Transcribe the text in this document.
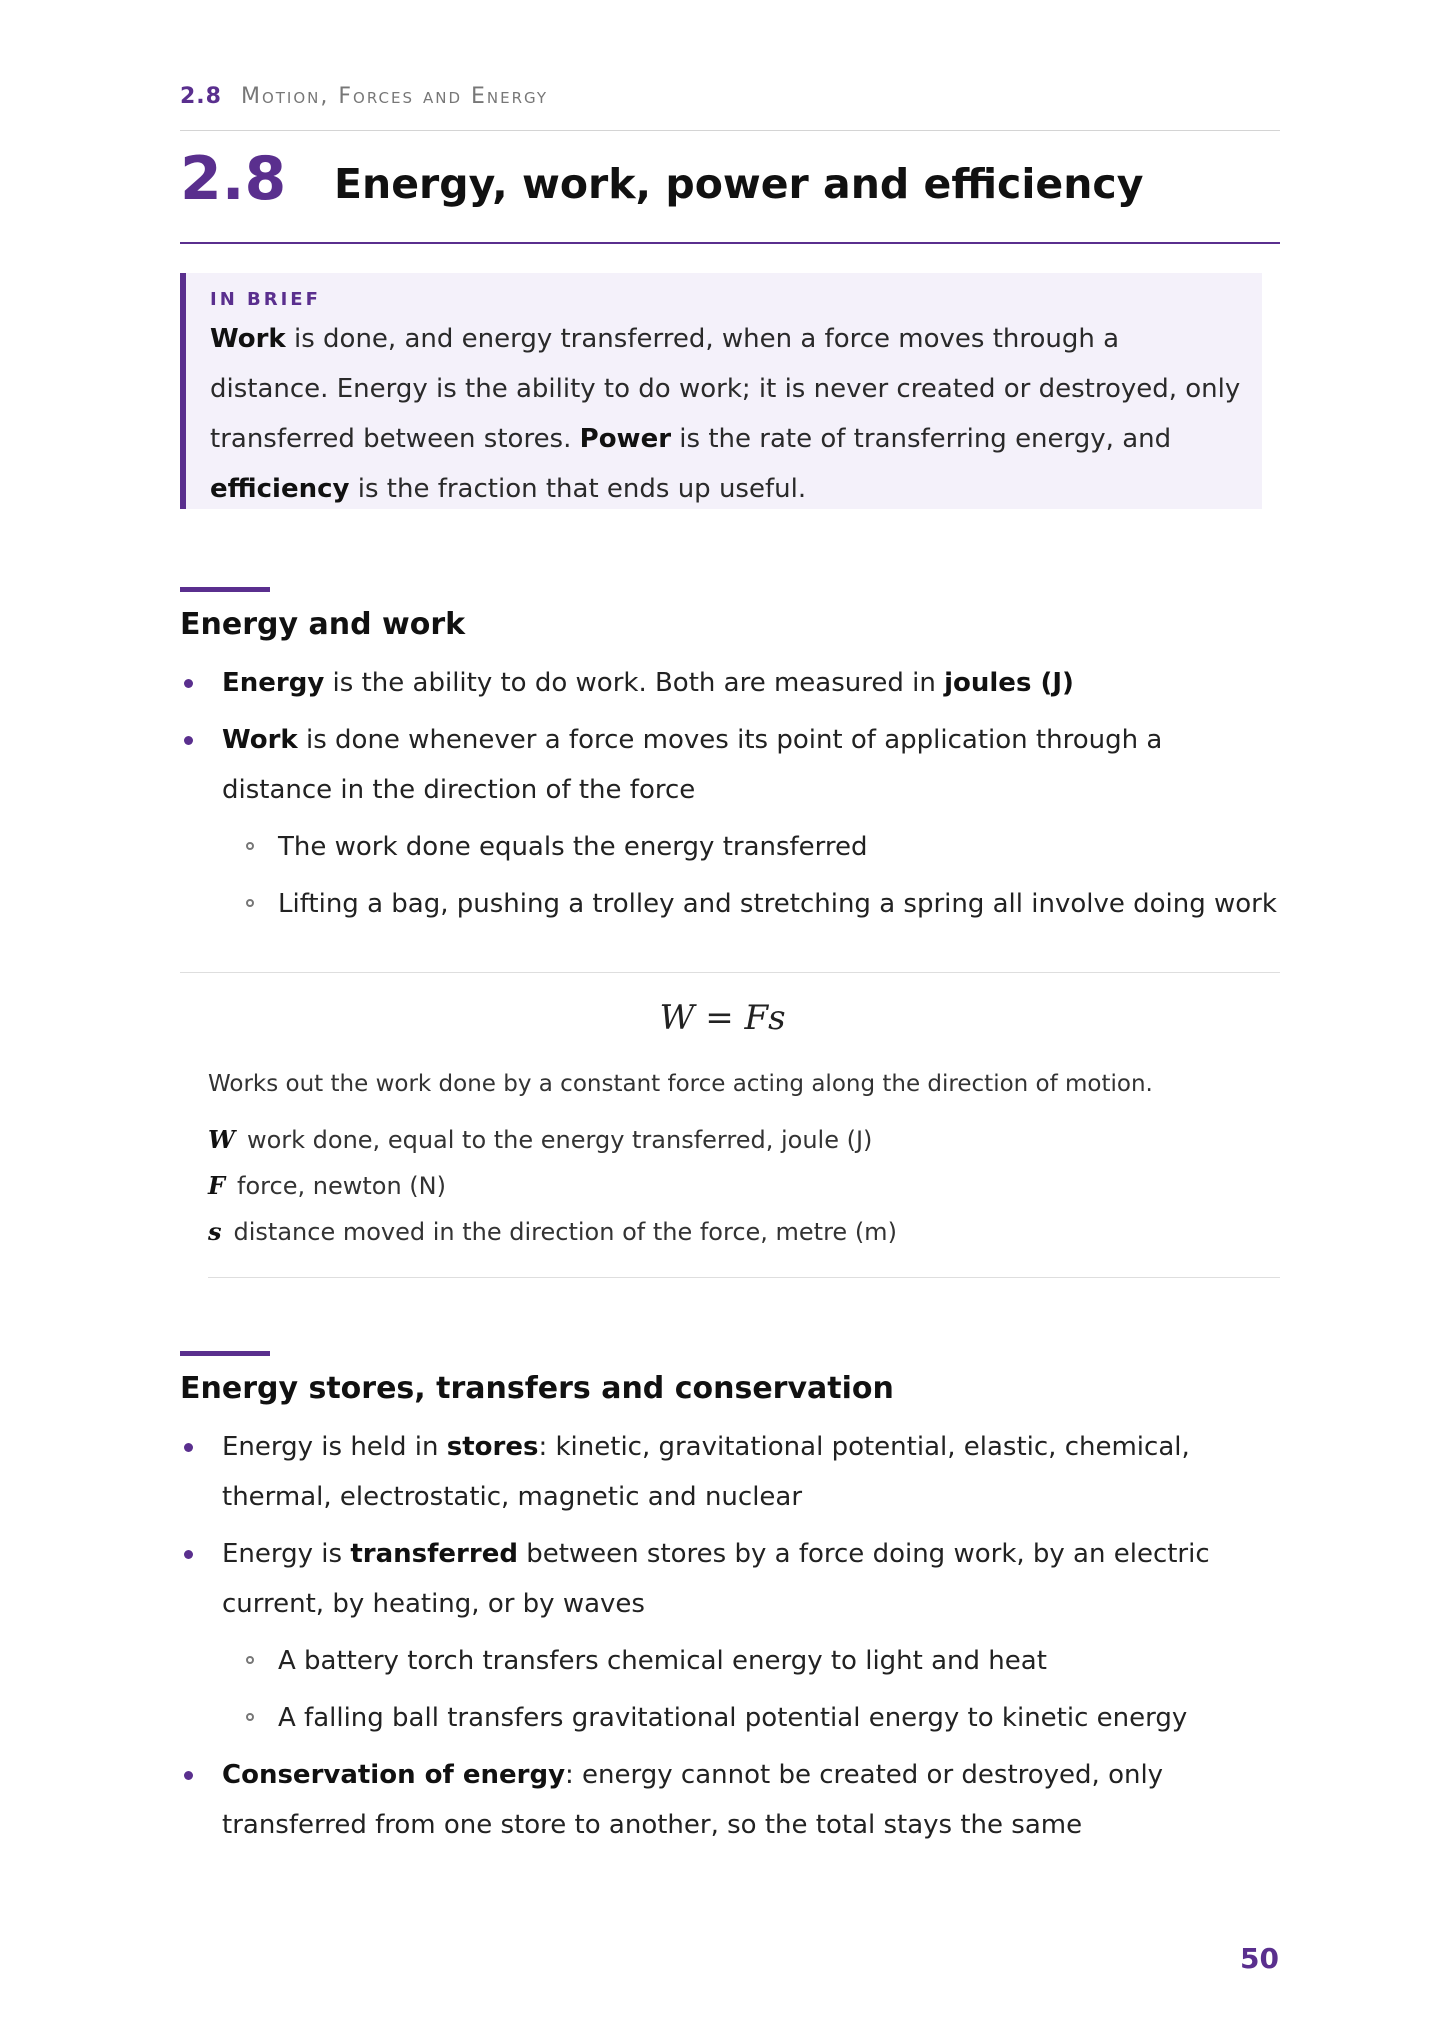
2.8 Motion, Forces and Energy
2.8 Energy, work, power and efficiency
IN BRIEF

Work is done, and energy transferred, when a force moves through a distance. Energy is the ability to do work; it is never created or destroyed, only transferred between stores. Power is the rate of transferring energy, and efficiency is the fraction that ends up useful.

Energy and work
Energy is the ability to do work. Both are measured in joules (J)
Work is done whenever a force moves its point of application through a distance in the direction of the force
The work done equals the energy transferred
Lifting a bag, pushing a trolley and stretching a spring all involve doing work
W = Fs
Works out the work done by a constant force acting along the direction of motion.
W work done, equal to the energy transferred, joule (J)
F force, newton (N)
s distance moved in the direction of the force, metre (m)
Energy stores, transfers and conservation
Energy is held in stores: kinetic, gravitational potential, elastic, chemical, thermal, electrostatic, magnetic and nuclear
Energy is transferred between stores by a force doing work, by an electric current, by heating, or by waves
A battery torch transfers chemical energy to light and heat
A falling ball transfers gravitational potential energy to kinetic energy
Conservation of energy: energy cannot be created or destroyed, only transferred from one store to another, so the total stays the same
50
